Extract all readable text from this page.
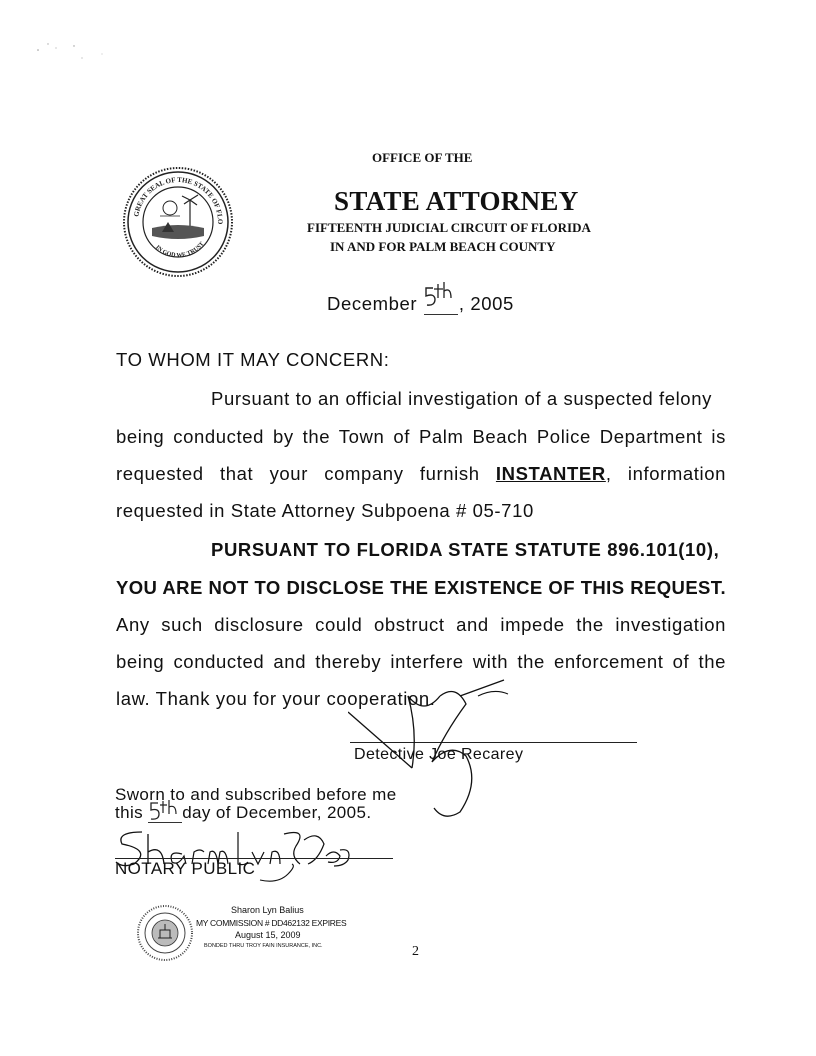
OFFICE OF THE
STATE ATTORNEY
FIFTEENTH JUDICIAL CIRCUIT OF FLORIDA
IN AND FOR PALM BEACH COUNTY
GREAT SEAL OF THE STATE OF FLO
IN GOD WE TRUST
December , 2005
TO WHOM IT MAY CONCERN:
Pursuant to an official investigation of a suspected felony
being conducted by the Town of Palm Beach Police Department is
requested that your company furnish INSTANTER, information
requested in State Attorney Subpoena # 05-710
PURSUANT TO FLORIDA STATE STATUTE 896.101(10),
YOU ARE NOT TO DISCLOSE THE EXISTENCE OF THIS REQUEST.
Any such disclosure could obstruct and impede the investigation
being conducted and thereby interfere with the enforcement of the
law. Thank you for your cooperation.
Detective Joe Recarey
Sworn to and subscribed before me
this day of December, 2005.
NOTARY PUBLIC
Sharon Lyn Balius
MY COMMISSION # DD462132 EXPIRES
August 15, 2009
BONDED THRU TROY FAIN INSURANCE, INC.	2
